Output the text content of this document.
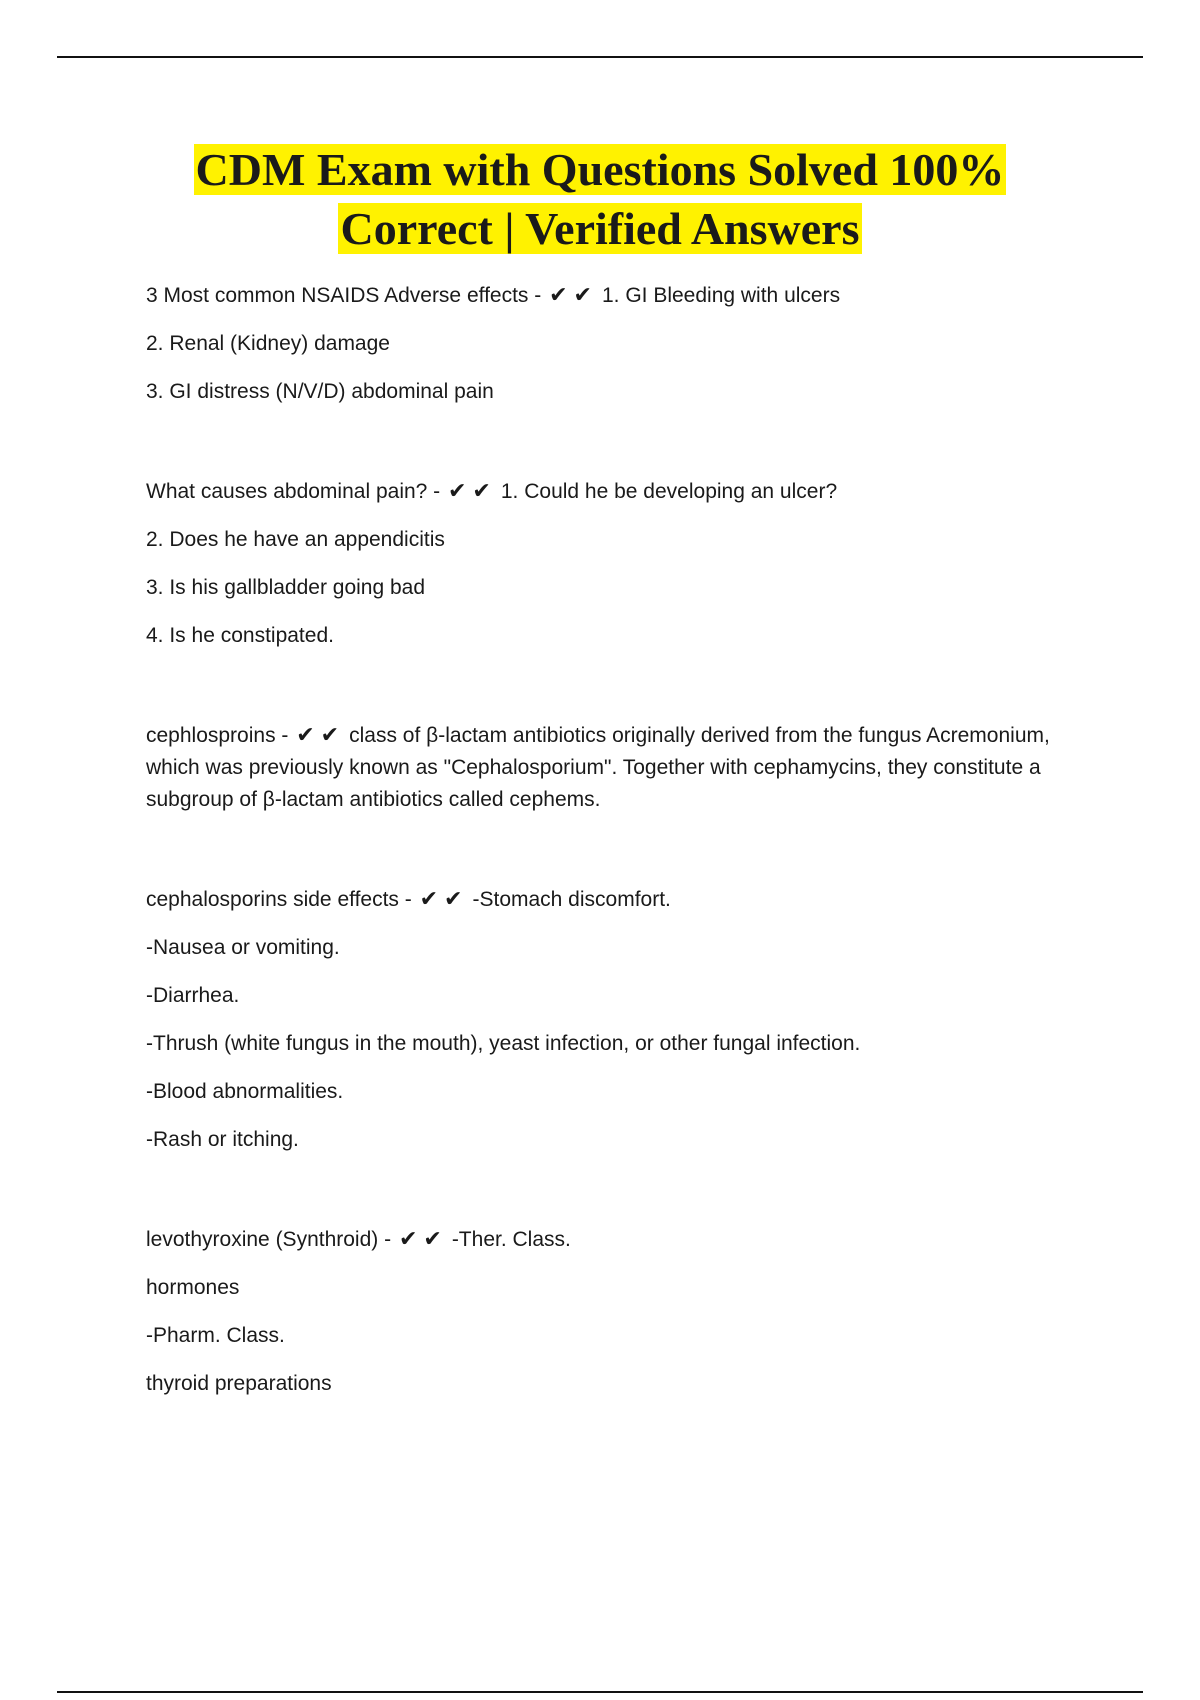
CDM Exam with Questions Solved 100%
Correct | Verified Answers
3 Most common NSAIDS Adverse effects - ✔✔ 1. GI Bleeding with ulcers
2. Renal (Kidney) damage
3. GI distress (N/V/D) abdominal pain
What causes abdominal pain? - ✔✔ 1. Could he be developing an ulcer?
2. Does he have an appendicitis
3. Is his gallbladder going bad
4. Is he constipated.
cephlosproins - ✔✔ class of β-lactam antibiotics originally derived from the fungus Acremonium, which was previously known as "Cephalosporium". Together with cephamycins, they constitute a subgroup of β-lactam antibiotics called cephems.
cephalosporins side effects - ✔✔ -Stomach discomfort.
-Nausea or vomiting.
-Diarrhea.
-Thrush (white fungus in the mouth), yeast infection, or other fungal infection.
-Blood abnormalities.
-Rash or itching.
levothyroxine (Synthroid) - ✔✔ -Ther. Class.
hormones
-Pharm. Class.
thyroid preparations
